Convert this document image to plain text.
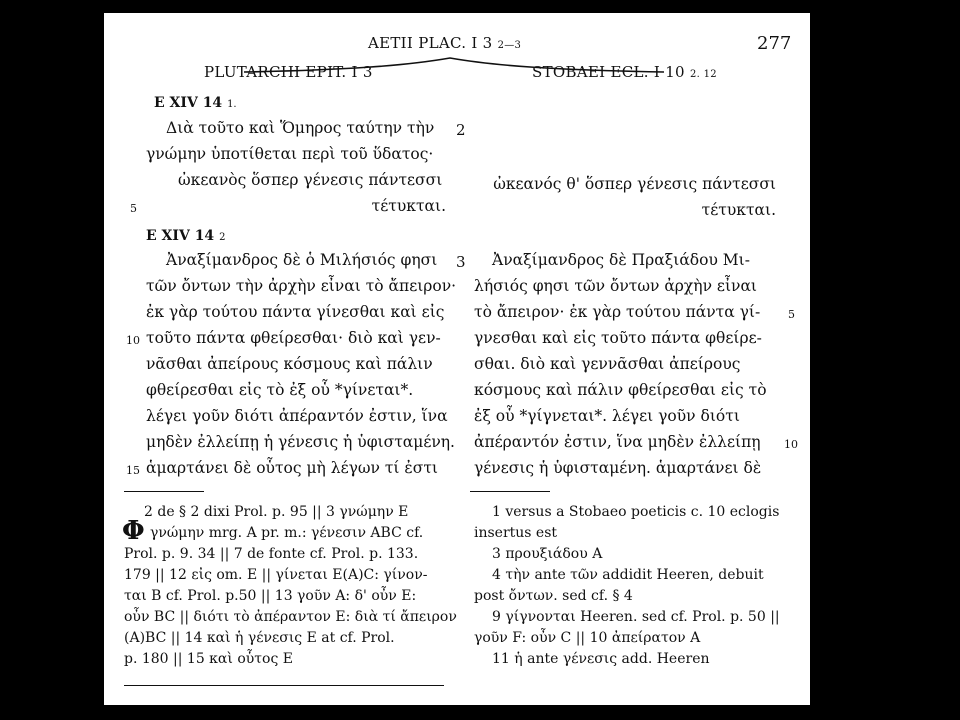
AETII PLAC. I 3 2—3	277
PLUTARCHI EPIT. I 3	STOBAEI ECL. I 10 2. 12
E XIV 14 1.
Διὰ τοῦτο καὶ Ὅμηρος ταύτην τὴν
γνώμην ὑποτίθεται περὶ τοῦ ὕδατος·
ὠκεανὸς ὅσπερ γένεσις πάντεσσι
τέτυκται.
E XIV 14 2
Ἀναξίμανδρος δὲ ὁ Μιλήσιός φησι
τῶν ὄντων τὴν ἀρχὴν εἶναι τὸ ἄπειρον·
ἐκ γὰρ τούτου πάντα γίνεσθαι καὶ εἰς
τοῦτο πάντα φθείρεσθαι· διὸ καὶ γεν-
νᾶσθαι ἀπείρους κόσμους καὶ πάλιν
φθείρεσθαι εἰς τὸ ἐξ οὗ *γίνεται*.
λέγει γοῦν διότι ἀπέραντόν ἐστιν, ἵνα
μηδὲν ἐλλείπῃ ἡ γένεσις ἡ ὑφισταμένη.
ἁμαρτάνει δὲ οὗτος μὴ λέγων τί ἐστι
2
5
3
10
15
ὠκεανός θ' ὅσπερ γένεσις πάντεσσι
τέτυκται.
Ἀναξίμανδρος δὲ Πραξιάδου Μι-
λήσιός φησι τῶν ὄντων ἀρχὴν εἶναι
τὸ ἄπειρον· ἐκ γὰρ τούτου πάντα γί-
γνεσθαι καὶ εἰς τοῦτο πάντα φθείρε-
σθαι. διὸ καὶ γεννᾶσθαι ἀπείρους
κόσμους καὶ πάλιν φθείρεσθαι εἰς τὸ
ἐξ οὗ *γίγνεται*. λέγει γοῦν διότι
ἀπέραντόν ἐστιν, ἵνα μηδὲν ἐλλείπῃ
γένεσις ἡ ὑφισταμένη. ἁμαρτάνει δὲ
5
10
2 de § 2 dixi Prol. p. 95 || 3 γνώμην E
γνώμην mrg. A pr. m.: γένεσιν ABC cf.
Prol. p. 9. 34 || 7 de fonte cf. Prol. p. 133.
179 || 12 εἰς om. E || γίνεται E(A)C: γίνον-
ται B cf. Prol. p.50 || 13 γοῦν A: δ' οὖν E:
οὖν BC || διότι τὸ ἀπέραντον E: διὰ τί ἄπειρον
(A)BC || 14 καὶ ἡ γένεσις E at cf. Prol.
p. 180 || 15 καὶ οὗτος E
Φ
1 versus a Stobaeo poeticis c. 10 eclogis
insertus est
3 προυξιάδου A
4 τὴν ante τῶν addidit Heeren, debuit
post ὄντων. sed cf. § 4
9 γίγνονται Heeren. sed cf. Prol. p. 50 ||
γοῦν F: οὖν C || 10 ἀπείρατον A
11 ἡ ante γένεσις add. Heeren
